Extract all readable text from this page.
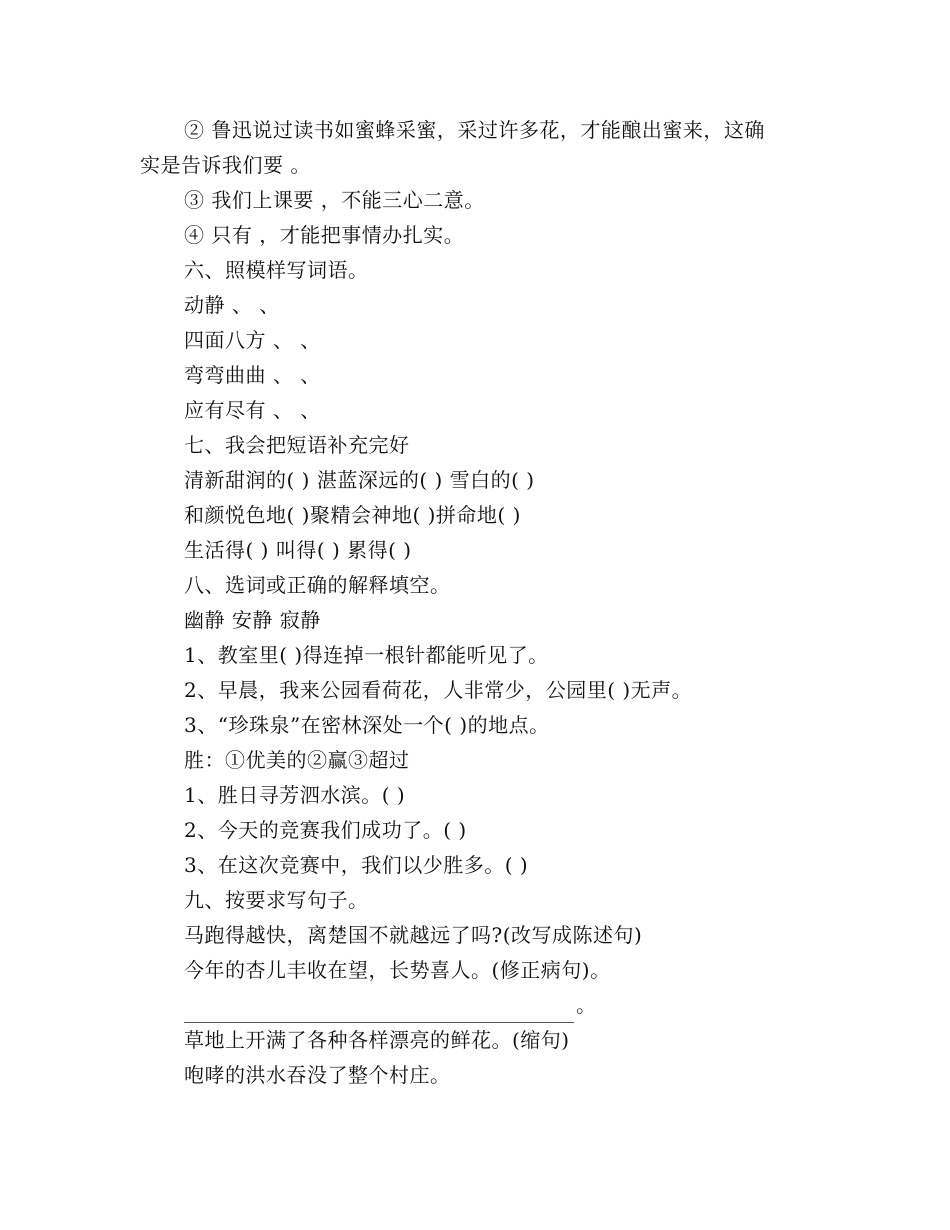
② 鲁迅说过读书如蜜蜂采蜜，采过许多花，才能酿出蜜来，这确
实是告诉我们要 。
③ 我们上课要 ，不能三心二意。
④ 只有 ，才能把事情办扎实。
六、照模样写词语。
动静 、 、
四面八方 、 、
弯弯曲曲 、 、
应有尽有 、 、
七、我会把短语补充完好
清新甜润的( ) 湛蓝深远的( ) 雪白的( )
和颜悦色地( )聚精会神地( )拼命地( )
生活得( ) 叫得( ) 累得( )
八、选词或正确的解释填空。
幽静 安静 寂静
1、教室里( )得连掉一根针都能听见了。
2、早晨，我来公园看荷花，人非常少，公园里( )无声。
3、“珍珠泉”在密林深处一个( )的地点。
胜：①优美的②赢③超过
1、胜日寻芳泗水滨。( )
2、今天的竞赛我们成功了。( )
3、在这次竞赛中，我们以少胜多。( )
九、按要求写句子。
马跑得越快，离楚国不就越远了吗?(改写成陈述句)
今年的杏儿丰收在望，长势喜人。(修正病句)。
。
草地上开满了各种各样漂亮的鲜花。(缩句)
咆哮的洪水吞没了整个村庄。
